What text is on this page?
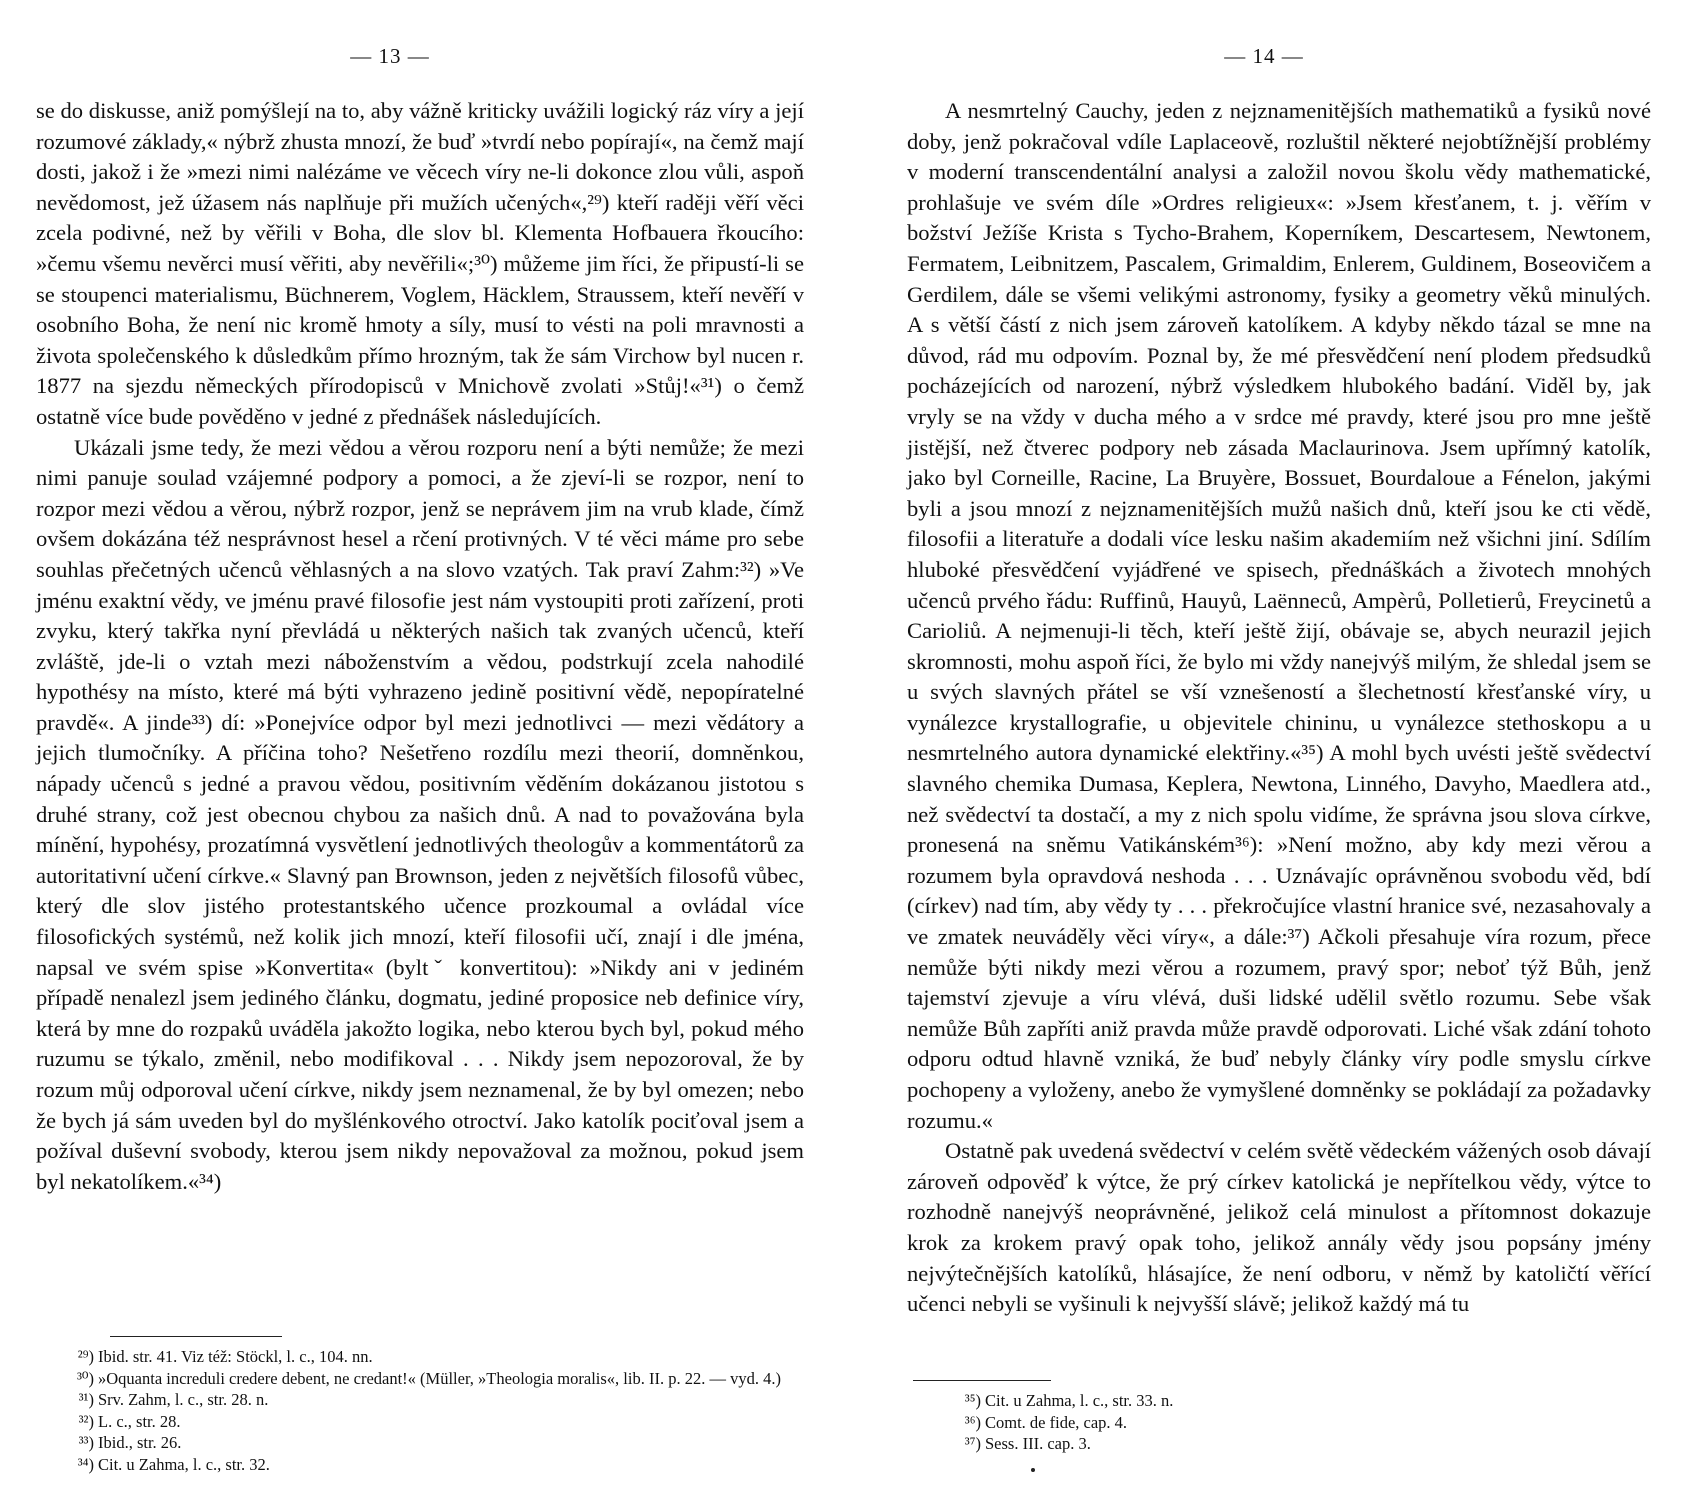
— 13 —

se do diskusse, aniž pomýšlejí na to, aby vážně kriticky uvážili logický ráz víry a její rozumové základy,« nýbrž zhusta mnozí, že buď »tvrdí nebo popírají«, na čemž mají dosti, jakož i že »mezi nimi nalézáme ve věcech víry ne-li dokonce zlou vůli, aspoň nevědomost, jež úžasem nás naplňuje při mužích učených«,²⁹) kteří raději věří věci zcela podivné, než by věřili v Boha, dle slov bl. Klementa Hofbauera řkoucího: »čemu všemu nevěrci musí věřiti, aby nevěřili«;³⁰) můžeme jim říci, že připustí-li se se stoupenci materialismu, Büchnerem, Voglem, Häcklem, Straussem, kteří nevěří v osobního Boha, že není nic kromě hmoty a síly, musí to vésti na poli mravnosti a života společenského k důsledkům přímo hrozným, tak že sám Virchow byl nucen r. 1877 na sjezdu německých přírodopisců v Mnichově zvolati »Stůj!«³¹) o čemž ostatně více bude pověděno v jedné z přednášek následujících.

Ukázali jsme tedy, že mezi vědou a věrou rozporu není a býti nemůže; že mezi nimi panuje soulad vzájemné podpory a pomoci, a že zjeví-li se rozpor, není to rozpor mezi vědou a věrou, nýbrž rozpor, jenž se neprávem jim na vrub klade, čímž ovšem dokázána též nesprávnost hesel a rčení protivných. V té věci máme pro sebe souhlas přečetných učenců věhlasných a na slovo vzatých. Tak praví Zahm:³²) »Ve jménu exaktní vědy, ve jménu pravé filosofie jest nám vystoupiti proti zařízení, proti zvyku, který takřka nyní převládá u některých našich tak zvaných učenců, kteří zvláště, jde-li o vztah mezi náboženstvím a vědou, podstrkují zcela nahodilé hypothésy na místo, které má býti vyhrazeno jedině positivní vědě, nepopíratelné pravdě«. A jinde³³) dí: »Ponejvíce odpor byl mezi jednotlivci — mezi vědátory a jejich tlumočníky. A příčina toho? Nešetřeno rozdílu mezi theorií, domněnkou, nápady učenců s jedné a pravou vědou, positivním věděním dokázanou jistotou s druhé strany, což jest obecnou chybou za našich dnů. A nad to považována byla mínění, hypohésy, prozatímná vysvětlení jednotlivých theologův a kommentátorů za autoritativní učení církve.« Slavný pan Brownson, jeden z největších filosofů vůbec, který dle slov jistého protestantského učence prozkoumal a ovládal více filosofických systémů, než kolik jich mnozí, kteří filosofii učí, znají i dle jména, napsal ve svém spise »Konvertita« (byltˇ konvertitou): »Nikdy ani v jediném případě nenalezl jsem jediného článku, dogmatu, jediné proposice neb definice víry, která by mne do rozpaků uváděla jakožto logika, nebo kterou bych byl, pokud mého ruzumu se týkalo, změnil, nebo modifikoval . . . Nikdy jsem nepozoroval, že by rozum můj odporoval učení církve, nikdy jsem neznamenal, že by byl omezen; nebo že bych já sám uveden byl do myšlénkového otroctví. Jako katolík pociťoval jsem a požíval duševní svobody, kterou jsem nikdy nepovažoval za možnou, pokud jsem byl nekatolíkem.«³⁴)

²⁹) Ibid. str. 41. Viz též: Stöckl, l. c., 104. nn.

³⁰) »Oquanta increduli credere debent, ne credant!« (Müller, »Theologia moralis«, lib. II. p. 22. — vyd. 4.)

³¹) Srv. Zahm, l. c., str. 28. n.

³²) L. c., str. 28.

³³) Ibid., str. 26.

³⁴) Cit. u Zahma, l. c., str. 32.

— 14 —

A nesmrtelný Cauchy, jeden z nejznamenitějších mathematiků a fysiků nové doby, jenž pokračoval vdíle Laplaceově, rozluštil některé nejobtížnější problémy v moderní transcendentální analysi a založil novou školu vědy mathematické, prohlašuje ve svém díle »Ordres religieux«: »Jsem křesťanem, t. j. věřím v božství Ježíše Krista s Tycho-Brahem, Koperníkem, Descartesem, Newtonem, Fermatem, Leibnitzem, Pascalem, Grimaldim, Enlerem, Guldinem, Boseovičem a Gerdilem, dále se všemi velikými astronomy, fysiky a geometry věků minulých. A s větší částí z nich jsem zároveň katolíkem. A kdyby někdo tázal se mne na důvod, rád mu odpovím. Poznal by, že mé přesvědčení není plodem předsudků pocházejících od narození, nýbrž výsledkem hlubokého badání. Viděl by, jak vryly se na vždy v ducha mého a v srdce mé pravdy, které jsou pro mne ještě jistější, než čtverec podpory neb zásada Maclaurinova. Jsem upřímný katolík, jako byl Corneille, Racine, La Bruyère, Bossuet, Bourdaloue a Fénelon, jakými byli a jsou mnozí z nejznamenitějších mužů našich dnů, kteří jsou ke cti vědě, filosofii a literatuře a dodali více lesku našim akademiím než všichni jiní. Sdílím hluboké přesvědčení vyjádřené ve spisech, přednáškách a životech mnohých učenců prvého řádu: Ruffinů, Hauyů, Laënneců, Ampèrů, Polletierů, Freycinetů a Carioliů. A nejmenuji-li těch, kteří ještě žijí, obávaje se, abych neurazil jejich skromnosti, mohu aspoň říci, že bylo mi vždy nanejvýš milým, že shledal jsem se u svých slavných přátel se vší vznešeností a šlechetností křesťanské víry, u vynálezce krystallografie, u objevitele chininu, u vynálezce stethoskopu a u nesmrtelného autora dynamické elektřiny.«³⁵) A mohl bych uvésti ještě svědectví slavného chemika Dumasa, Keplera, Newtona, Linného, Davyho, Maedlera atd., než svědectví ta dostačí, a my z nich spolu vidíme, že správna jsou slova církve, pronesená na sněmu Vatikánském³⁶): »Není možno, aby kdy mezi věrou a rozumem byla opravdová neshoda . . . Uznávajíc oprávněnou svobodu věd, bdí (církev) nad tím, aby vědy ty . . . překročujíce vlastní hranice své, nezasahovaly a ve zmatek neuváděly věci víry«, a dále:³⁷) Ačkoli přesahuje víra rozum, přece nemůže býti nikdy mezi věrou a rozumem, pravý spor; neboť týž Bůh, jenž tajemství zjevuje a víru vlévá, duši lidské udělil světlo rozumu. Sebe však nemůže Bůh zapříti aniž pravda může pravdě odporovati. Liché však zdání tohoto odporu odtud hlavně vzniká, že buď nebyly články víry podle smyslu církve pochopeny a vyloženy, anebo že vymyšlené domněnky se pokládají za požadavky rozumu.«

Ostatně pak uvedená svědectví v celém světě vědeckém vážených osob dávají zároveň odpověď k výtce, že prý církev katolická je nepřítelkou vědy, výtce to rozhodně nanejvýš neoprávněné, jelikož celá minulost a přítomnost dokazuje krok za krokem pravý opak toho, jelikož annály vědy jsou popsány jmény nejvýtečnějších katolíků, hlásajíce, že není odboru, v němž by katoličtí věřící učenci nebyli se vyšinuli k nejvyšší slávě; jelikož každý má tu

³⁵) Cit. u Zahma, l. c., str. 33. n.

³⁶) Comt. de fide, cap. 4.

³⁷) Sess. III. cap. 3.
